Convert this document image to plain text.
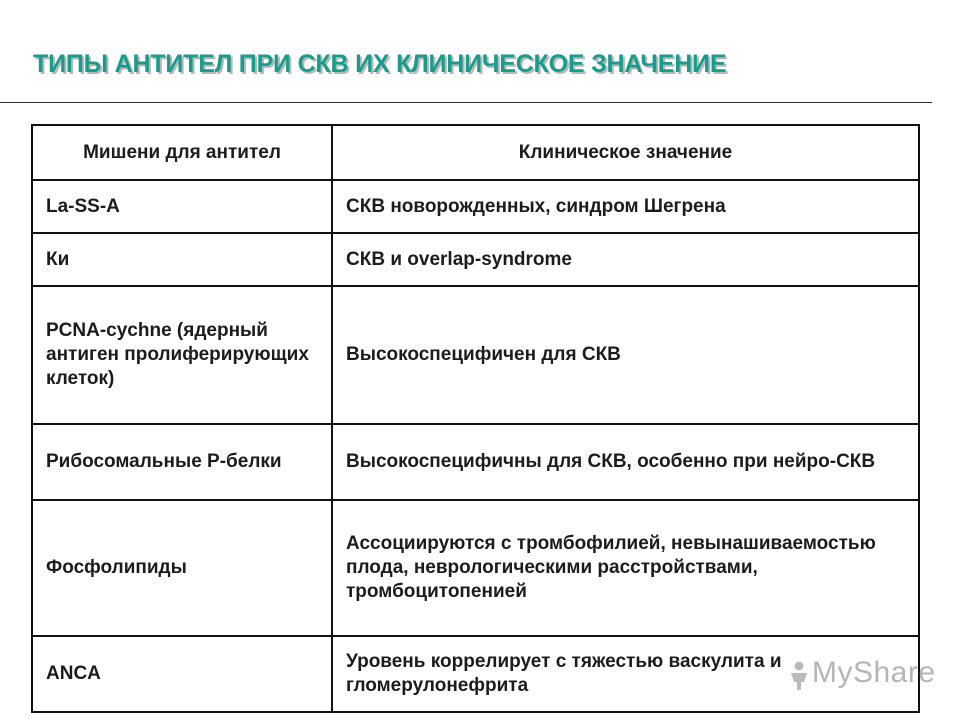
ТИПЫ АНТИТЕЛ ПРИ СКВ ИХ КЛИНИЧЕСКОЕ ЗНАЧЕНИЕ
Мишени для антител	Клиническое значение
La-SS-A	СКВ новорожденных, синдром Шегрена
Ки	СКВ и overlap-syndrome
PCNA-cychne (ядерный антиген пролиферирующих клеток)	Высокоспецифичен для СКВ
Рибосомальные Р-белки	Высокоспецифичны для СКВ, особенно при нейро-СКВ
Фосфолипиды	Ассоциируются с тромбофилией, невынашиваемостью плода, неврологическими расстройствами, тромбоцитопенией
ANCA	Уровень коррелирует с тяжестью васкулита и гломерулонефрита	MyShare
